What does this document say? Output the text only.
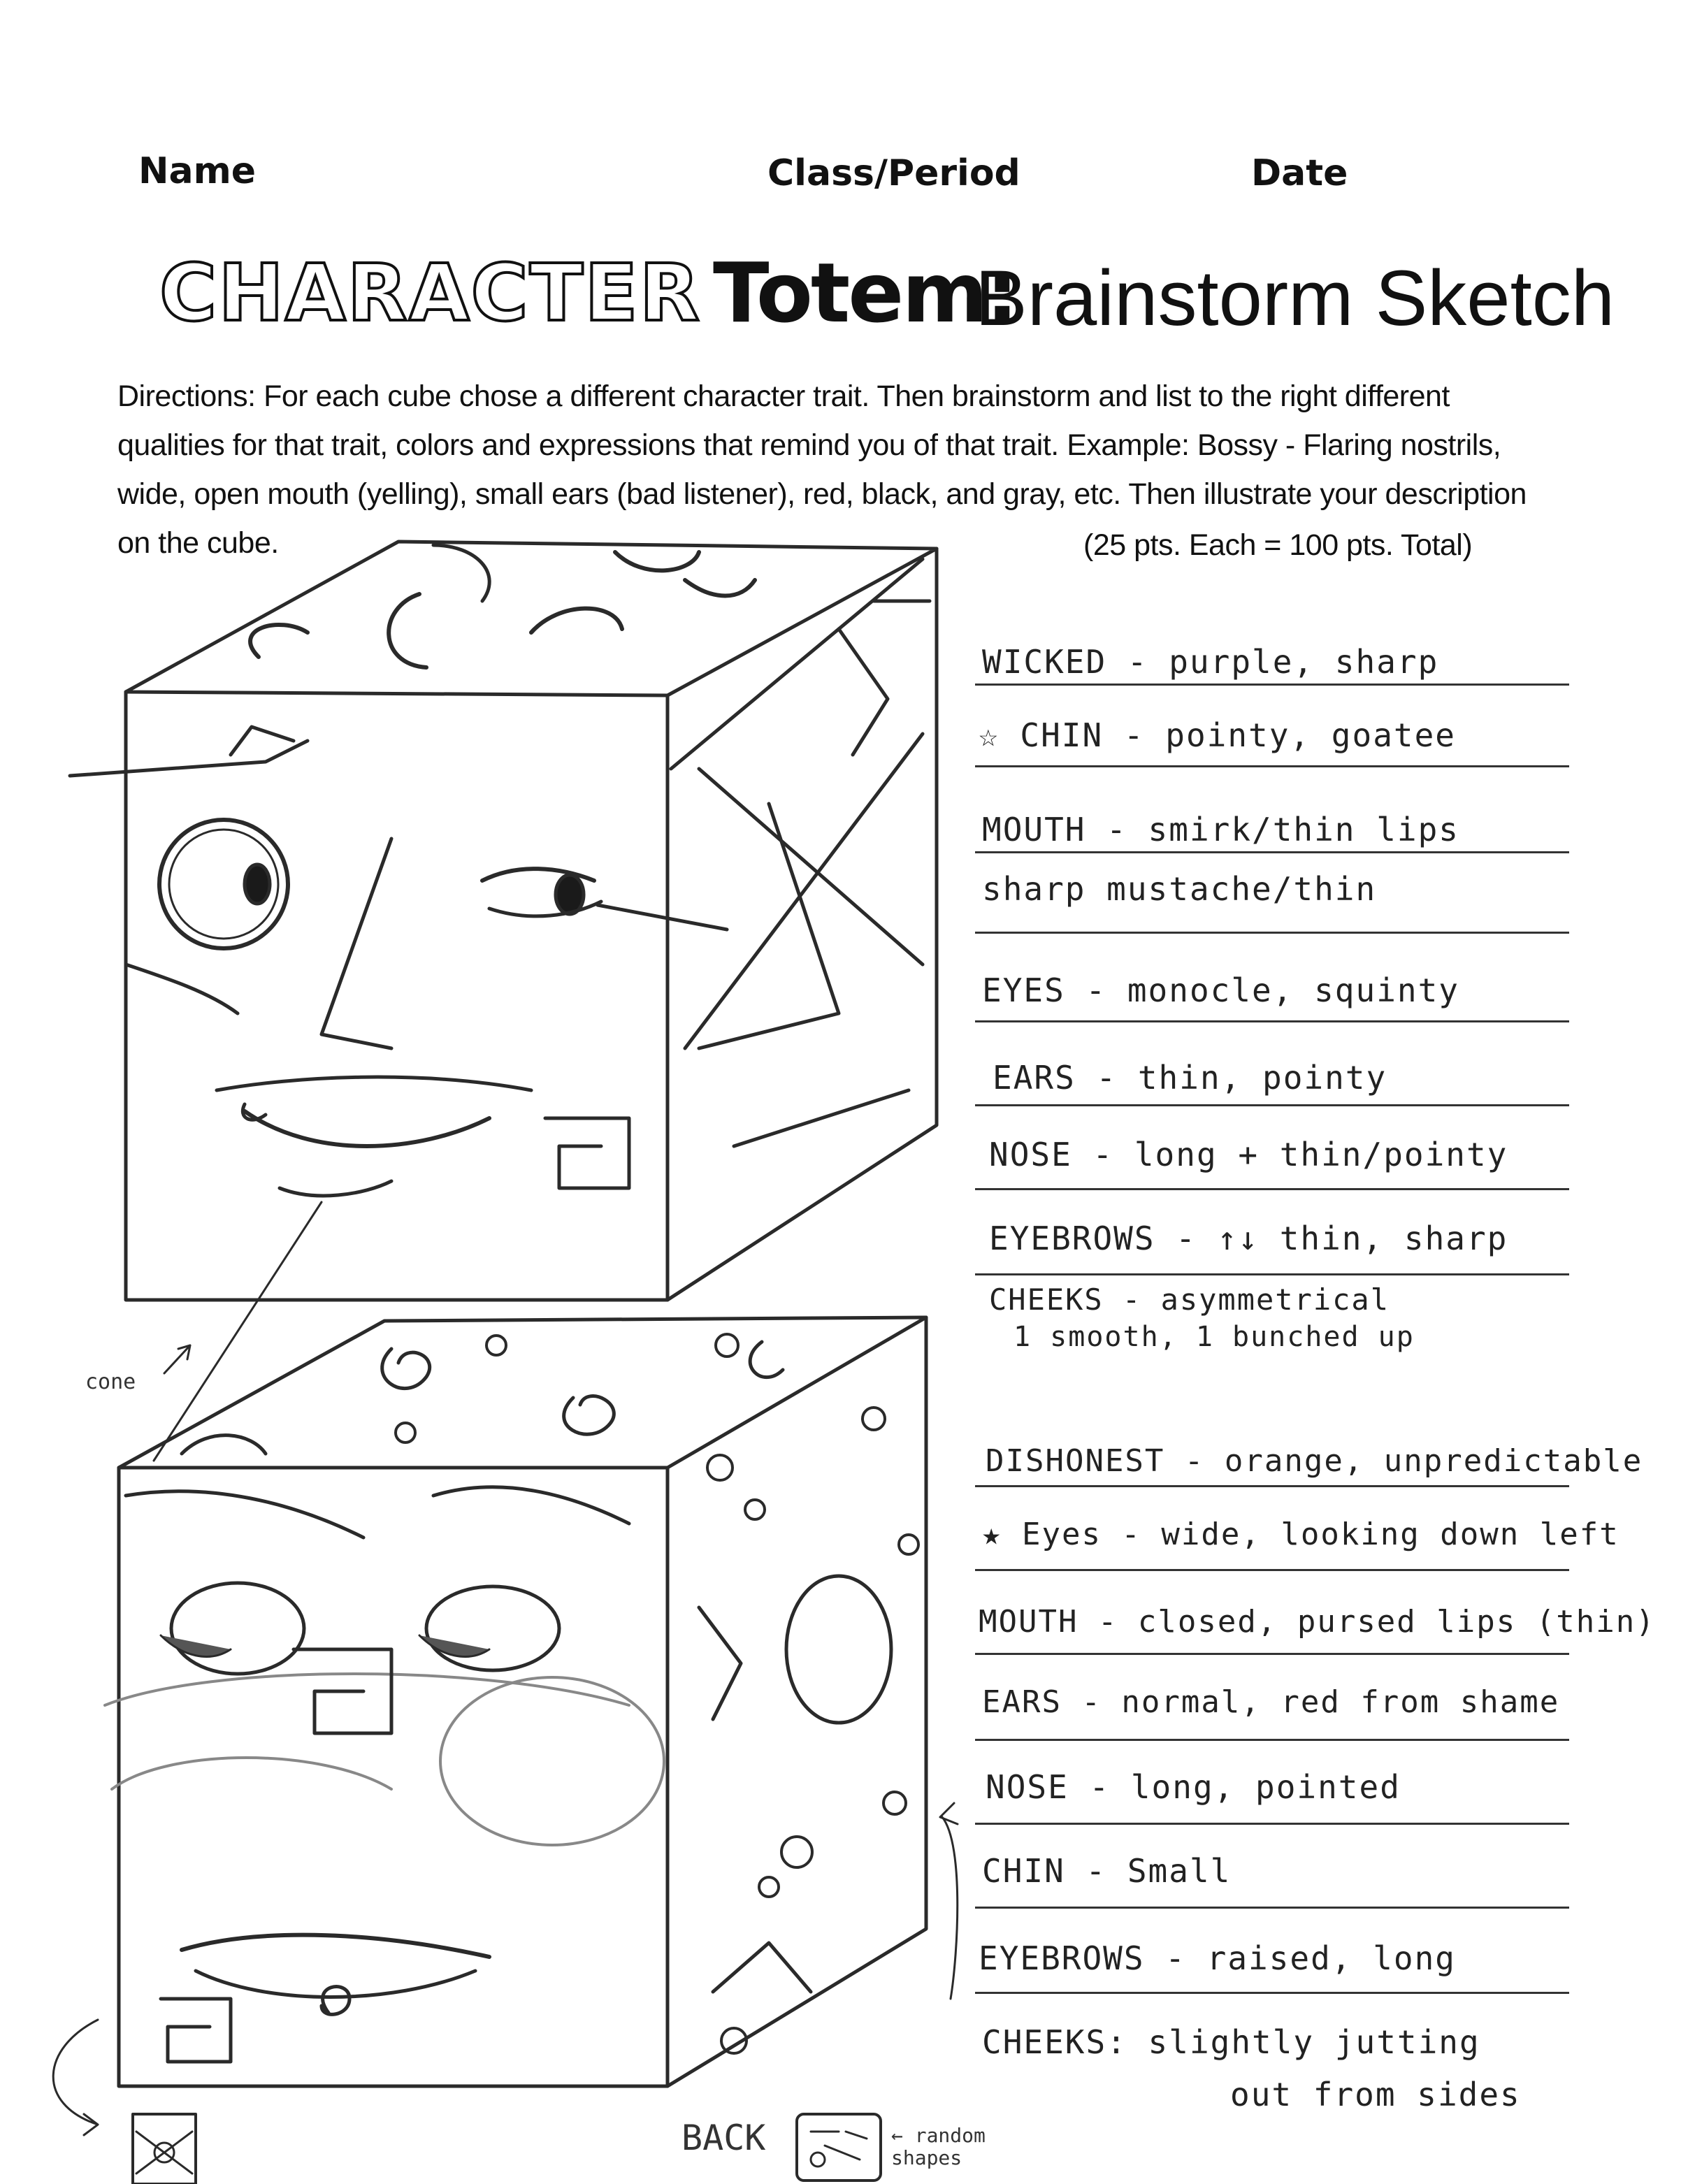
Name	Class/Period	Date
CHARACTER Totem:
Brainstorm Sketch
Directions: For each cube chose a different character trait. Then brainstorm and list to the right different
qualities for that trait, colors and expressions that remind you of that trait. Example: Bossy - Flaring nostrils,
wide, open mouth (yelling), small ears (bad listener), red, black, and gray, etc. Then illustrate your description
on the cube.	(25 pts. Each = 100 pts. Total)
WICKED - purple, sharp
☆ CHIN - pointy, goatee
MOUTH - smirk/thin lips
sharp mustache/thin
EYES - monocle, squinty
EARS - thin, pointy
NOSE - long + thin/pointy
EYEBROWS - ↑↓ thin, sharp
CHEEKS - asymmetrical
1 smooth, 1 bunched up
DISHONEST - orange, unpredictable
★ Eyes - wide, looking down left
MOUTH - closed, pursed lips (thin)
EARS - normal, red from shame
NOSE - long, pointed
CHIN - Small
EYEBROWS - raised, long
CHEEKS: slightly jutting
out from sides
cone
BACK	← random shapes
